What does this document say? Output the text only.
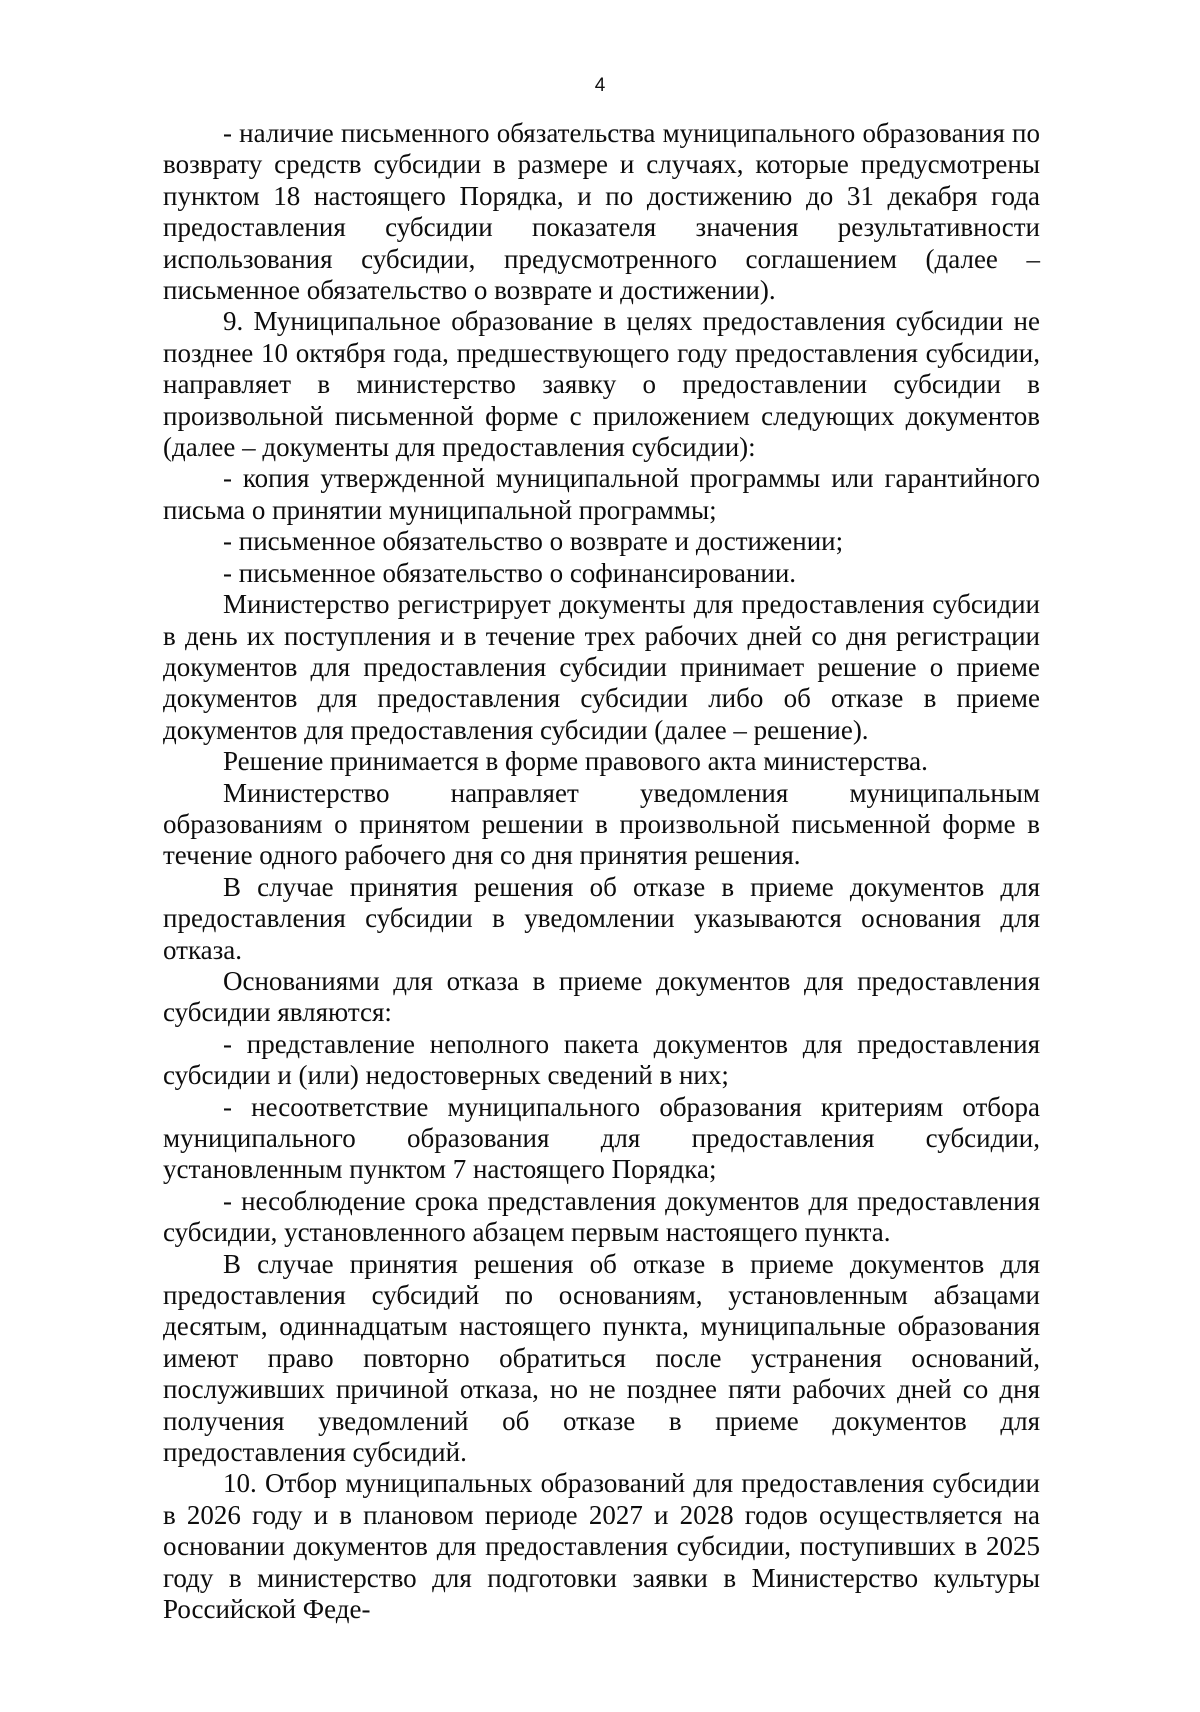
4

- наличие письменного обязательства муниципального образования по возврату средств субсидии в размере и случаях, которые предусмотрены пунктом 18 настоящего Порядка, и по достижению до 31 декабря года предоставления субсидии показателя значения результативности использования субсидии, предусмотренного соглашением (далее – письменное обязательство о возврате и достижении).

9. Муниципальное образование в целях предоставления субсидии не позднее 10 октября года, предшествующего году предоставления субсидии, направляет в министерство заявку о предоставлении субсидии в произвольной письменной форме с приложением следующих документов (далее – документы для предоставления субсидии):

- копия утвержденной муниципальной программы или гарантийного письма о принятии муниципальной программы;

- письменное обязательство о возврате и достижении;

- письменное обязательство о софинансировании.

Министерство регистрирует документы для предоставления субсидии в день их поступления и в течение трех рабочих дней со дня регистрации документов для предоставления субсидии принимает решение о приеме документов для предоставления субсидии либо об отказе в приеме документов для предоставления субсидии (далее – решение).

Решение принимается в форме правового акта министерства.

Министерство направляет уведомления муниципальным образованиям о принятом решении в произвольной письменной форме в течение одного рабочего дня со дня принятия решения.

В случае принятия решения об отказе в приеме документов для предоставления субсидии в уведомлении указываются основания для отказа.

Основаниями для отказа в приеме документов для предоставления субсидии являются:

- представление неполного пакета документов для предоставления субсидии и (или) недостоверных сведений в них;

- несоответствие муниципального образования критериям отбора муниципального образования для предоставления субсидии, установленным пунктом 7 настоящего Порядка;

- несоблюдение срока представления документов для предоставления субсидии, установленного абзацем первым настоящего пункта.

В случае принятия решения об отказе в приеме документов для предоставления субсидий по основаниям, установленным абзацами десятым, одиннадцатым настоящего пункта, муниципальные образования имеют право повторно обратиться после устранения оснований, послуживших причиной отказа, но не позднее пяти рабочих дней со дня получения уведомлений об отказе в приеме документов для предоставления субсидий.

10. Отбор муниципальных образований для предоставления субсидии в 2026 году и в плановом периоде 2027 и 2028 годов осуществляется на основании документов для предоставления субсидии, поступивших в 2025 году в министерство для подготовки заявки в Министерство культуры Российской Феде-
